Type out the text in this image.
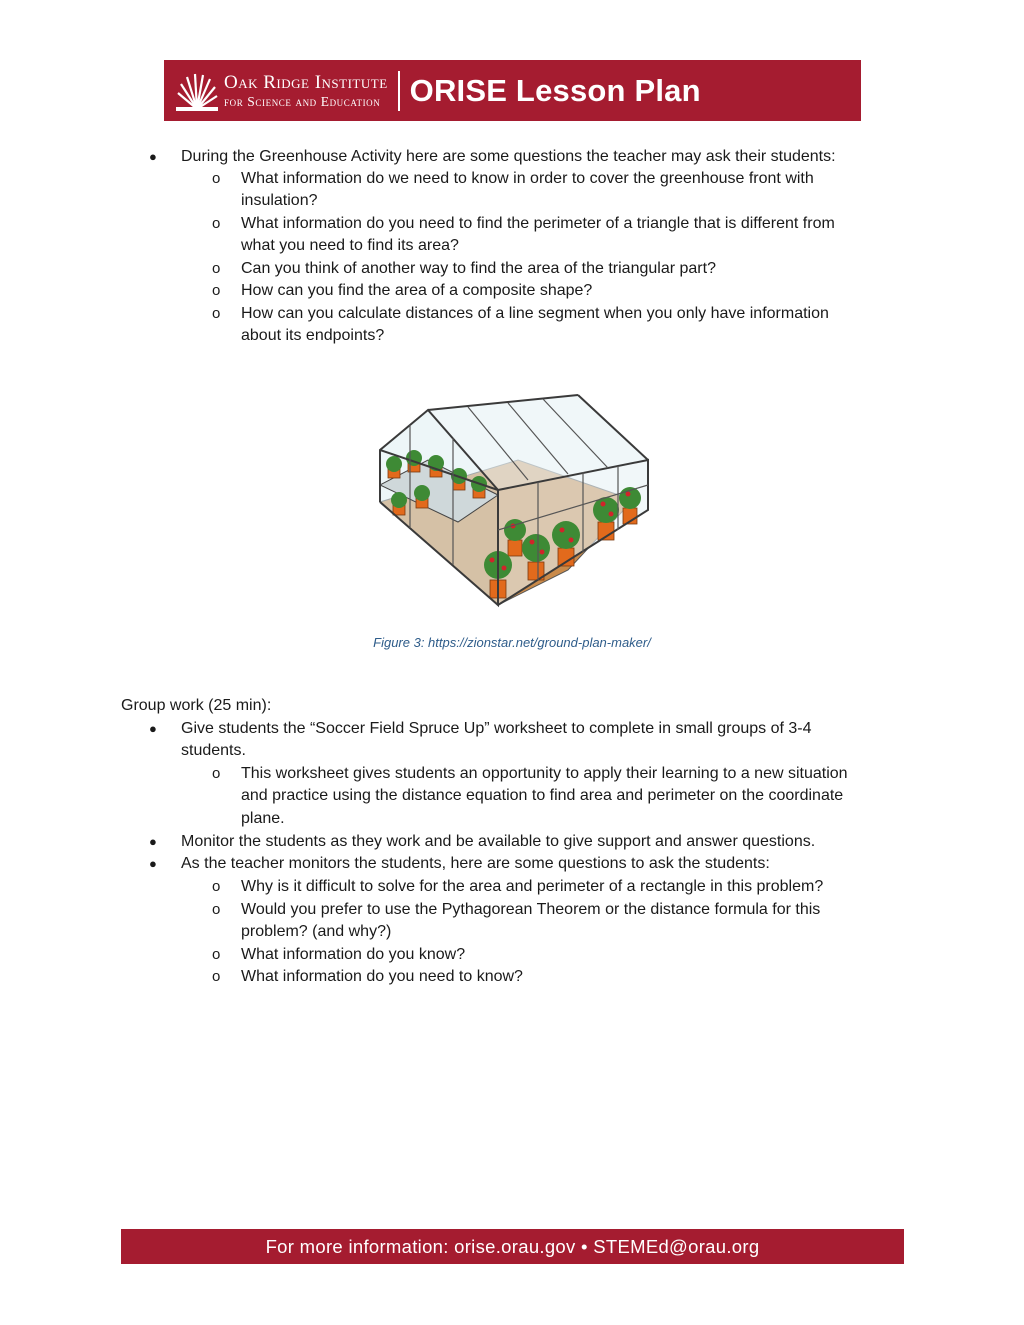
Oak Ridge Institute
for Science and Education ORISE Lesson Plan
● During the Greenhouse Activity here are some questions the teacher may ask their students:
o What information do we need to know in order to cover the greenhouse front with
insulation?
o What information do you need to find the perimeter of a triangle that is different from
what you need to find its area?
o Can you think of another way to find the area of the triangular part?
o How can you find the area of a composite shape?
o How can you calculate distances of a line segment when you only have information
about its endpoints?
Figure 3: https://zionstar.net/ground-plan-maker/
Group work (25 min):
● Give students the “Soccer Field Spruce Up” worksheet to complete in small groups of 3-4
students.
o This worksheet gives students an opportunity to apply their learning to a new situation
and practice using the distance equation to find area and perimeter on the coordinate
plane.
● Monitor the students as they work and be available to give support and answer questions.
● As the teacher monitors the students, here are some questions to ask the students:
o Why is it difficult to solve for the area and perimeter of a rectangle in this problem?
o Would you prefer to use the Pythagorean Theorem or the distance formula for this
problem? (and why?)
o What information do you know?
o What information do you need to know?
For more information: orise.orau.gov • STEMEd@orau.org
